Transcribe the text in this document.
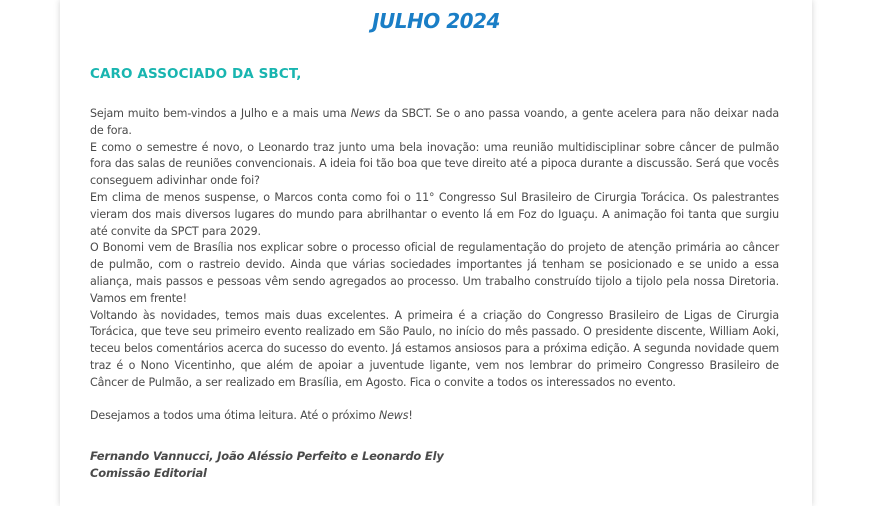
JULHO 2024
CARO ASSOCIADO DA SBCT,

Sejam muito bem-vindos a Julho e a mais uma News da SBCT. Se o ano passa voando, a gente acelera para não deixar nada de fora.

E como o semestre é novo, o Leonardo traz junto uma bela inovação: uma reunião multidisciplinar sobre câncer de pulmão fora das salas de reuniões convencionais. A ideia foi tão boa que teve direito até a pipoca durante a discussão. Será que vocês conseguem adivinhar onde foi?

Em clima de menos suspense, o Marcos conta como foi o 11° Congresso Sul Brasileiro de Cirurgia Torácica. Os palestrantes vieram dos mais diversos lugares do mundo para abrilhantar o evento lá em Foz do Iguaçu. A animação foi tanta que surgiu até convite da SPCT para 2029.

O Bonomi vem de Brasília nos explicar sobre o processo oficial de regulamentação do projeto de atenção primária ao câncer de pulmão, com o rastreio devido. Ainda que várias sociedades importantes já tenham se posicionado e se unido a essa aliança, mais passos e pessoas vêm sendo agregados ao processo. Um trabalho construído tijolo a tijolo pela nossa Diretoria. Vamos em frente!

Voltando às novidades, temos mais duas excelentes. A primeira é a criação do Congresso Brasileiro de Ligas de Cirurgia Torácica, que teve seu primeiro evento realizado em São Paulo, no início do mês passado. O presidente discente, William Aoki, teceu belos comentários acerca do sucesso do evento. Já estamos ansiosos para a próxima edição. A segunda novidade quem traz é o Nono Vicentinho, que além de apoiar a juventude ligante, vem nos lembrar do primeiro Congresso Brasileiro de Câncer de Pulmão, a ser realizado em Brasília, em Agosto. Fica o convite a todos os interessados no evento.

Desejamos a todos uma ótima leitura. Até o próximo News!

Fernando Vannucci, João Aléssio Perfeito e Leonardo Ely
Comissão Editorial
